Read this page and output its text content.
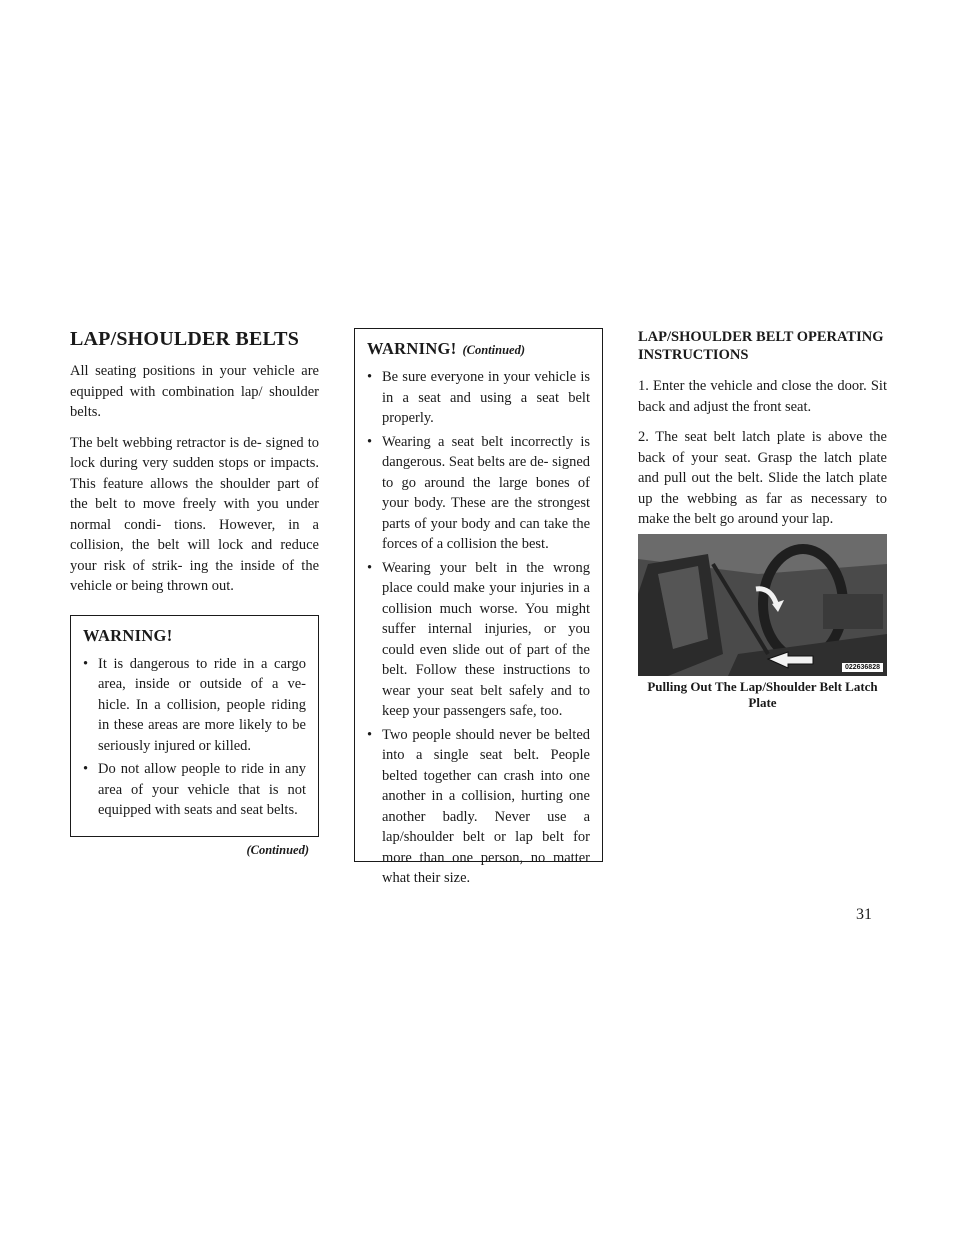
LAP/SHOULDER BELTS

All seating positions in your vehicle are equipped with combination lap/ shoulder belts.

The belt webbing retractor is de- signed to lock during very sudden stops or impacts. This feature allows the shoulder part of the belt to move freely with you under normal condi- tions. However, in a collision, the belt will lock and reduce your risk of strik- ing the inside of the vehicle or being thrown out.

WARNING!
• It is dangerous to ride in a cargo area, inside or outside of a ve- hicle. In a collision, people riding in these areas are more likely to be seriously injured or killed.
• Do not allow people to ride in any area of your vehicle that is not equipped with seats and seat belts.
(Continued)
WARNING! (Continued)
• Be sure everyone in your vehicle is in a seat and using a seat belt properly.
• Wearing a seat belt incorrectly is dangerous. Seat belts are de- signed to go around the large bones of your body. These are the strongest parts of your body and can take the forces of a collision the best.
• Wearing your belt in the wrong place could make your injuries in a collision much worse. You might suffer internal injuries, or you could even slide out of part of the belt. Follow these instructions to wear your seat belt safely and to keep your passengers safe, too.
• Two people should never be belted into a single seat belt. People belted together can crash into one another in a collision, hurting one another badly. Never use a lap/shoulder belt or lap belt for more than one person, no matter what their size.
LAP/SHOULDER BELT OPERATING INSTRUCTIONS

1. Enter the vehicle and close the door. Sit back and adjust the front seat.

2. The seat belt latch plate is above the back of your seat. Grasp the latch plate and pull out the belt. Slide the latch plate up the webbing as far as necessary to make the belt go around your lap.

022636828
Pulling Out The Lap/Shoulder Belt Latch Plate
31
